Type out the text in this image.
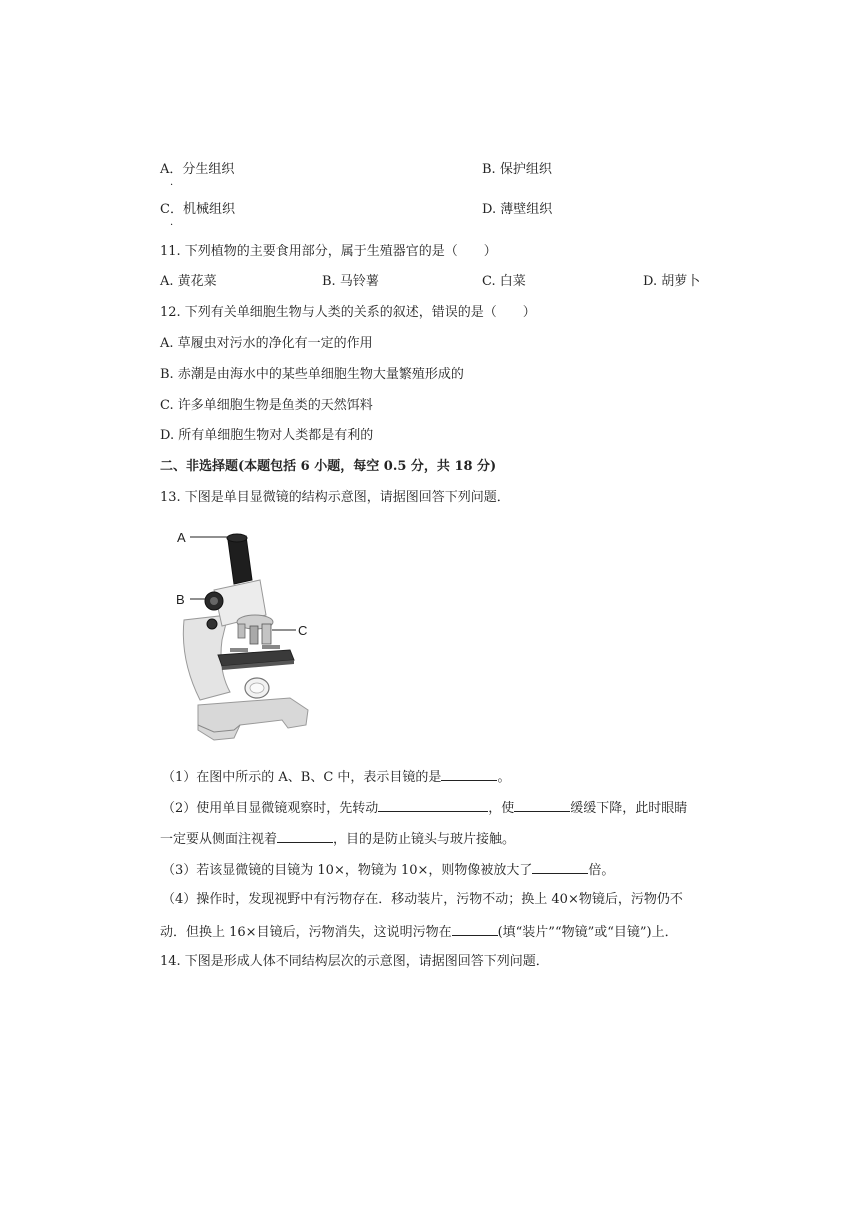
A．分生组织
·
B. 保护组织
C．机械组织
·
D. 薄壁组织
11. 下列植物的主要食用部分，属于生殖器官的是（　　）
A. 黄花菜	B. 马铃薯	C. 白菜	D. 胡萝卜
12. 下列有关单细胞生物与人类的关系的叙述，错误的是（　　）
A. 草履虫对污水的净化有一定的作用
B. 赤潮是由海水中的某些单细胞生物大量繁殖形成的
C. 许多单细胞生物是鱼类的天然饵料
D. 所有单细胞生物对人类都是有利的
二、非选择题(本题包括 6 小题，每空 0.5 分，共 18 分)
13. 下图是单目显微镜的结构示意图，请据图回答下列问题．
A
B
C
（1）在图中所示的 A、B、C 中，表示目镜的是	。
（2）使用单目显微镜观察时，先转动	，使	缓缓下降，此时眼睛
一定要从侧面注视着	，目的是防止镜头与玻片接触。
（3）若该显微镜的目镜为 10×，物镜为 10×，则物像被放大了	倍。
（4）操作时，发现视野中有污物存在．移动装片，污物不动；换上 40×物镜后，污物仍不
动．但换上 16×目镜后，污物消失，这说明污物在	(填“装片”“物镜”或“目镜”)上．
14. 下图是形成人体不同结构层次的示意图，请据图回答下列问题．
